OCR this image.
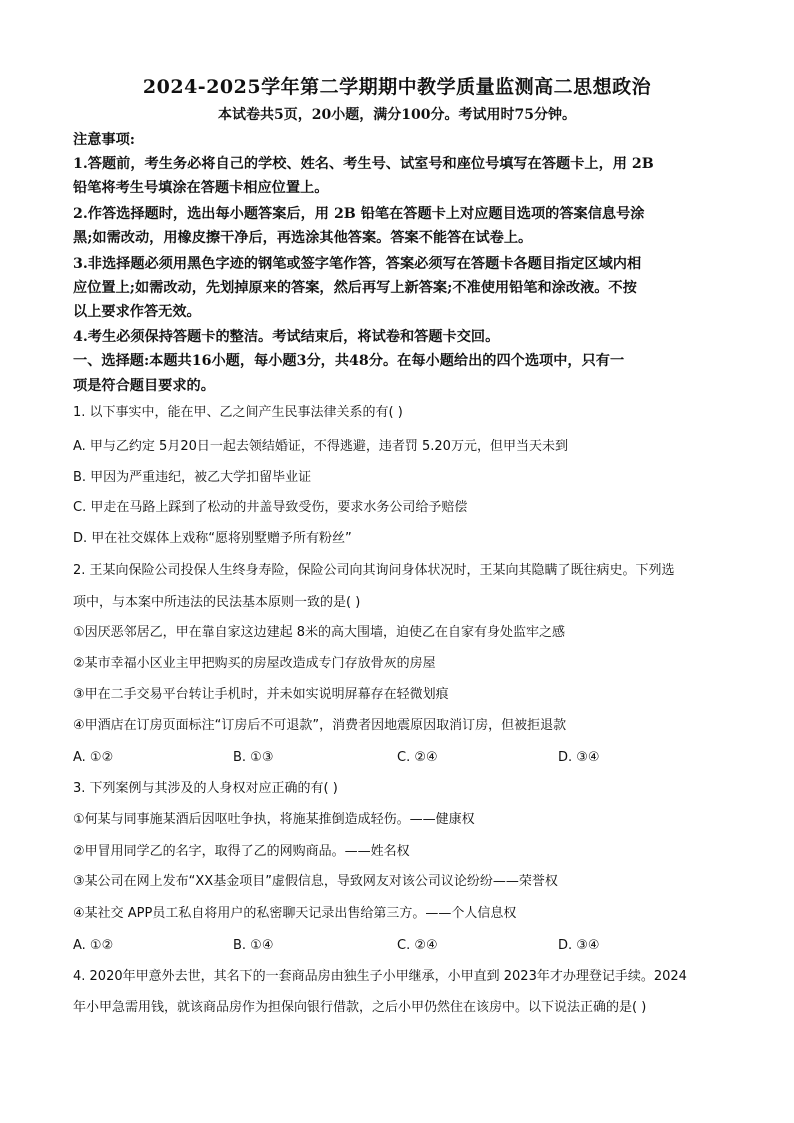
2024-2025学年第二学期期中教学质量监测高二思想政治
本试卷共5页，20小题，满分100分。考试用时75分钟。
注意事项:
1.答题前，考生务必将自己的学校、姓名、考生号、试室号和座位号填写在答题卡上，用 2B
铅笔将考生号填涂在答题卡相应位置上。
2.作答选择题时，选出每小题答案后，用 2B 铅笔在答题卡上对应题目选项的答案信息号涂
黑;如需改动，用橡皮擦干净后，再选涂其他答案。答案不能答在试卷上。
3.非选择题必须用黑色字迹的钢笔或签字笔作答，答案必须写在答题卡各题目指定区域内相
应位置上;如需改动，先划掉原来的答案，然后再写上新答案;不准使用铅笔和涂改液。不按
以上要求作答无效。
4.考生必须保持答题卡的整洁。考试结束后，将试卷和答题卡交回。
一、选择题:本题共16小题，每小题3分，共48分。在每小题给出的四个选项中，只有一
项是符合题目要求的。
1. 以下事实中，能在甲、乙之间产生民事法律关系的有( )
A. 甲与乙约定 5月20日一起去领结婚证，不得逃避，违者罚 5.20万元，但甲当天未到
B. 甲因为严重违纪，被乙大学扣留毕业证
C. 甲走在马路上踩到了松动的井盖导致受伤，要求水务公司给予赔偿
D. 甲在社交媒体上戏称“愿将别墅赠予所有粉丝”
2. 王某向保险公司投保人生终身寿险，保险公司向其询问身体状况时，王某向其隐瞒了既往病史。下列选
项中，与本案中所违法的民法基本原则一致的是( )
①因厌恶邻居乙，甲在靠自家这边建起 8米的高大围墙，迫使乙在自家有身处监牢之感
②某市幸福小区业主甲把购买的房屋改造成专门存放骨灰的房屋
③甲在二手交易平台转让手机时，并未如实说明屏幕存在轻微划痕
④甲酒店在订房页面标注“订房后不可退款”，消费者因地震原因取消订房，但被拒退款
A. ①②	B. ①③	C. ②④	D. ③④
3. 下列案例与其涉及的人身权对应正确的有( )
①何某与同事施某酒后因呕吐争执，将施某推倒造成轻伤。——健康权
②甲冒用同学乙的名字，取得了乙的网购商品。——姓名权
③某公司在网上发布“XX基金项目”虚假信息，导致网友对该公司议论纷纷——荣誉权
④某社交 APP员工私自将用户的私密聊天记录出售给第三方。——个人信息权
A. ①②	B. ①④	C. ②④	D. ③④
4. 2020年甲意外去世，其名下的一套商品房由独生子小甲继承，小甲直到 2023年才办理登记手续。2024
年小甲急需用钱，就该商品房作为担保向银行借款，之后小甲仍然住在该房中。以下说法正确的是( )
